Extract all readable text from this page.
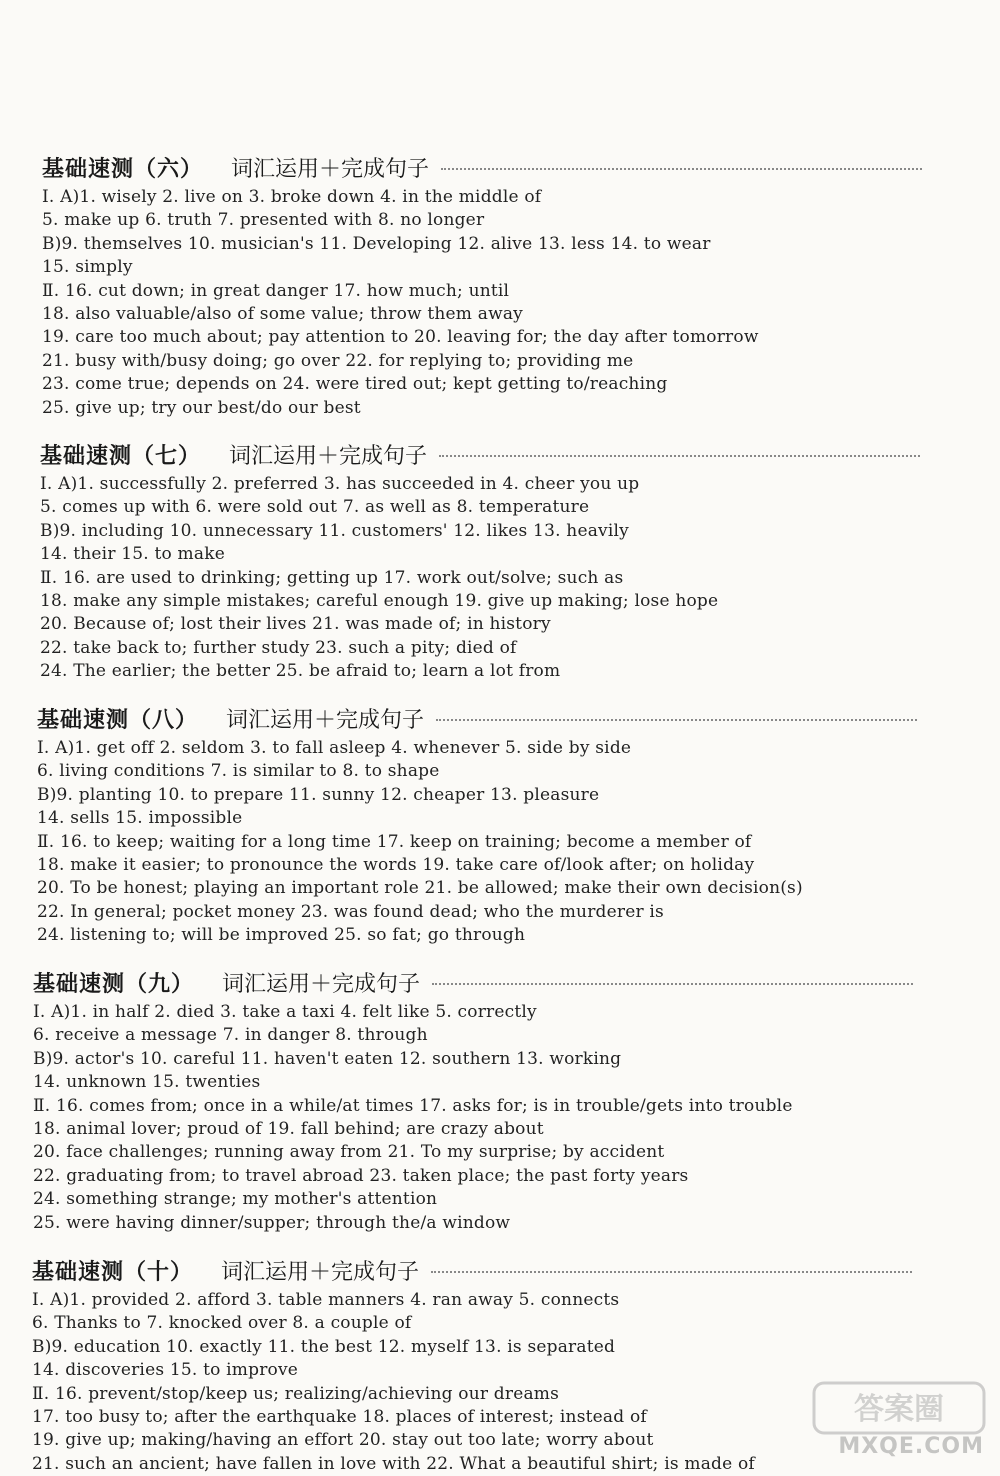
基础速测（六） 词汇运用＋完成句子
Ⅰ. A)1. wisely 2. live on 3. broke down 4. in the middle of
5. make up 6. truth 7. presented with 8. no longer
B)9. themselves 10. musician's 11. Developing 12. alive 13. less 14. to wear
15. simply
Ⅱ. 16. cut down; in great danger 17. how much; until
18. also valuable/also of some value; throw them away
19. care too much about; pay attention to 20. leaving for; the day after tomorrow
21. busy with/busy doing; go over 22. for replying to; providing me
23. come true; depends on 24. were tired out; kept getting to/reaching
25. give up; try our best/do our best
基础速测（七） 词汇运用＋完成句子
Ⅰ. A)1. successfully 2. preferred 3. has succeeded in 4. cheer you up
5. comes up with 6. were sold out 7. as well as 8. temperature
B)9. including 10. unnecessary 11. customers' 12. likes 13. heavily
14. their 15. to make
Ⅱ. 16. are used to drinking; getting up 17. work out/solve; such as
18. make any simple mistakes; careful enough 19. give up making; lose hope
20. Because of; lost their lives 21. was made of; in history
22. take back to; further study 23. such a pity; died of
24. The earlier; the better 25. be afraid to; learn a lot from
基础速测（八） 词汇运用＋完成句子
Ⅰ. A)1. get off 2. seldom 3. to fall asleep 4. whenever 5. side by side
6. living conditions 7. is similar to 8. to shape
B)9. planting 10. to prepare 11. sunny 12. cheaper 13. pleasure
14. sells 15. impossible
Ⅱ. 16. to keep; waiting for a long time 17. keep on training; become a member of
18. make it easier; to pronounce the words 19. take care of/look after; on holiday
20. To be honest; playing an important role 21. be allowed; make their own decision(s)
22. In general; pocket money 23. was found dead; who the murderer is
24. listening to; will be improved 25. so fat; go through
基础速测（九） 词汇运用＋完成句子
Ⅰ. A)1. in half 2. died 3. take a taxi 4. felt like 5. correctly
6. receive a message 7. in danger 8. through
B)9. actor's 10. careful 11. haven't eaten 12. southern 13. working
14. unknown 15. twenties
Ⅱ. 16. comes from; once in a while/at times 17. asks for; is in trouble/gets into trouble
18. animal lover; proud of 19. fall behind; are crazy about
20. face challenges; running away from 21. To my surprise; by accident
22. graduating from; to travel abroad 23. taken place; the past forty years
24. something strange; my mother's attention
25. were having dinner/supper; through the/a window
基础速测（十） 词汇运用＋完成句子
Ⅰ. A)1. provided 2. afford 3. table manners 4. ran away 5. connects
6. Thanks to 7. knocked over 8. a couple of
B)9. education 10. exactly 11. the best 12. myself 13. is separated
14. discoveries 15. to improve
Ⅱ. 16. prevent/stop/keep us; realizing/achieving our dreams
17. too busy to; after the earthquake 18. places of interest; instead of
19. give up; making/having an effort 20. stay out too late; worry about
21. such an ancient; have fallen in love with 22. What a beautiful shirt; is made of
答案圈
MXQE.COM
